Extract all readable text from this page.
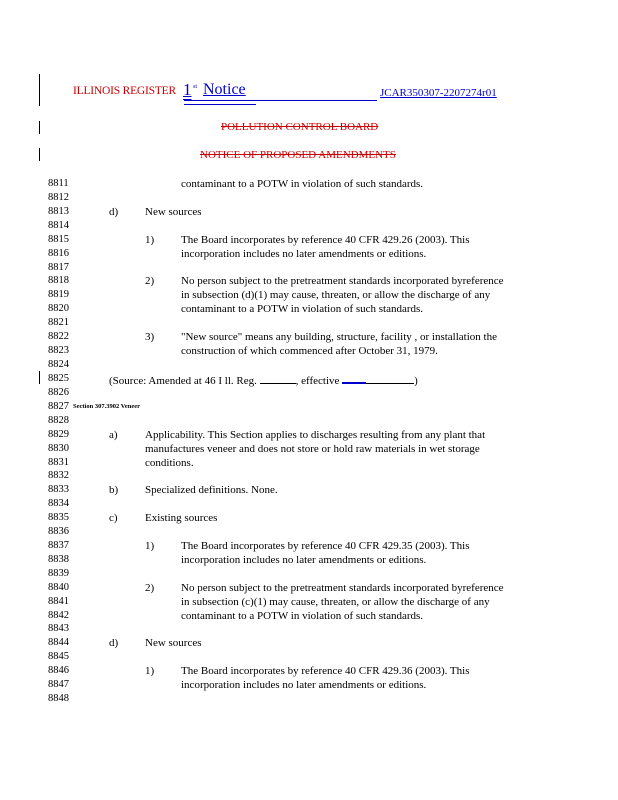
ILLINOIS REGISTER 1 st Notice	JCAR350307-2207274r01
POLLUTION CONTROL BOARD
NOTICE OF PROPOSED AMENDMENTS
8811
8812
8813
8814
8815
8816
8817
8818
8819
8820
8821
8822
8823
8824
8825
8826
8827
8828
8829
8830
8831
8832
8833
8834
8835
8836
8837
8838
8839
8840
8841
8842
8843
8844
8845
8846
8847
8848
contaminant to a POTW in violation of such standards.
d) New sources
1) The Board incorporates by reference 40 CFR 429.26 (2003). This
incorporation includes no later amendments or editions.
2) No person subject to the pretreatment standards incorporated byreference
in subsection (d)(1) may cause, threaten, or allow the discharge of any
contaminant to a POTW in violation of such standards.
3) "New source" means any building, structure, facility , or installation the
construction of which commenced after October 31, 1979.
(Source: Amended at 46 I ll. Reg.	, effective	)
Section 307.3902 Veneer
a) Applicability. This Section applies to discharges resulting from any plant that
manufactures veneer and does not store or hold raw materials in wet storage
conditions.
b) Specialized definitions. None.
c) Existing sources
1) The Board incorporates by reference 40 CFR 429.35 (2003). This
incorporation includes no later amendments or editions.
2) No person subject to the pretreatment standards incorporated byreference
in subsection (c)(1) may cause, threaten, or allow the discharge of any
contaminant to a POTW in violation of such standards.
d) New sources
1) The Board incorporates by reference 40 CFR 429.36 (2003). This
incorporation includes no later amendments or editions.
